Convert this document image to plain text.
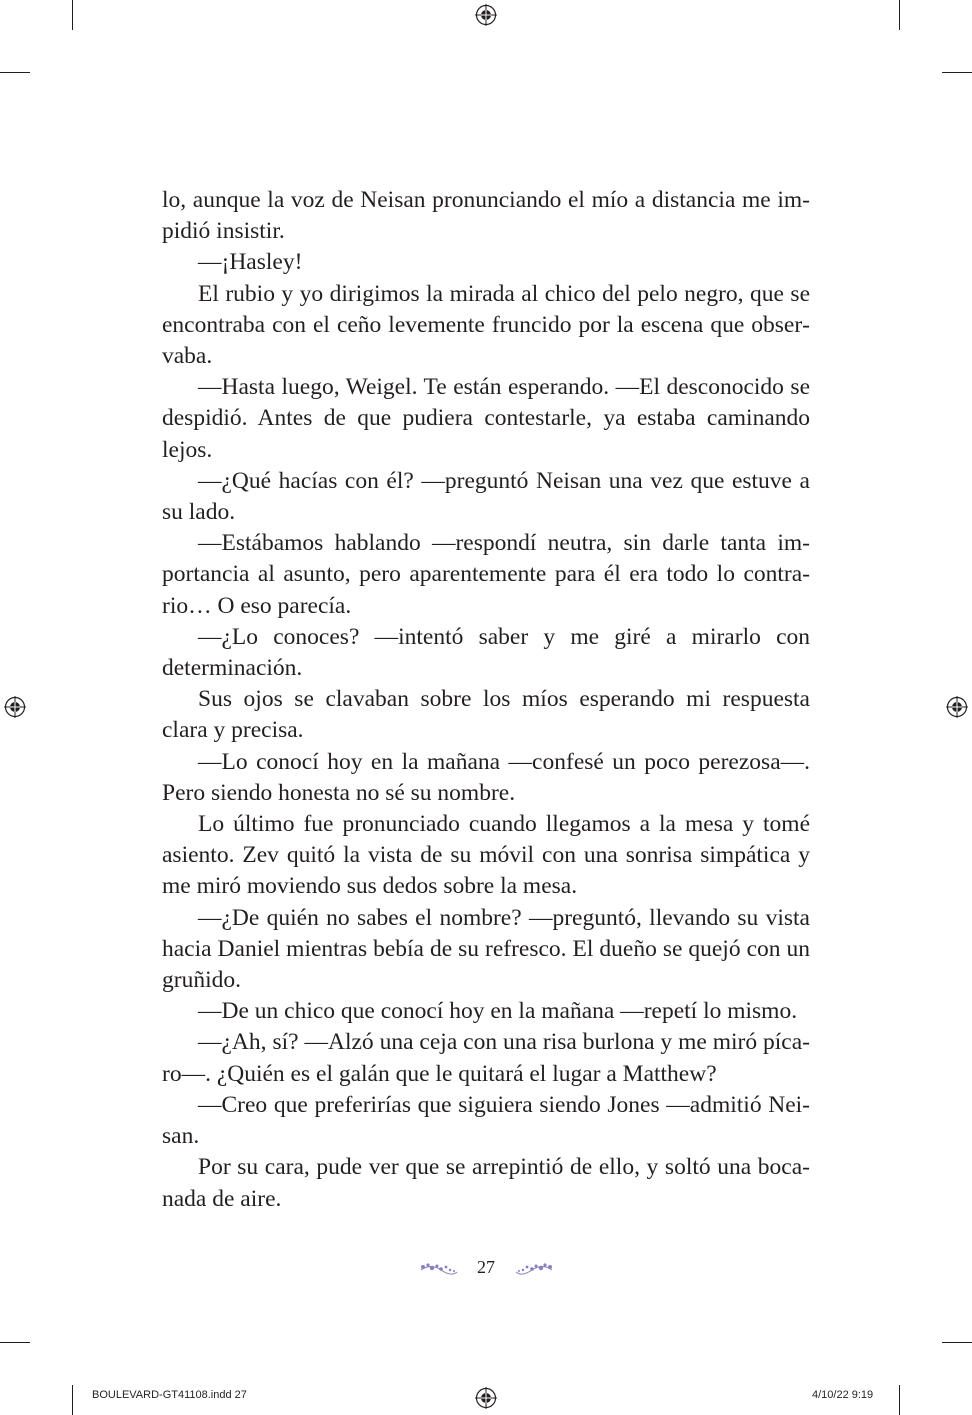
lo, aunque la voz de Neisan pronunciando el mío a distancia me impidió insistir.

—¡Hasley!

El rubio y yo dirigimos la mirada al chico del pelo negro, que se encontraba con el ceño levemente fruncido por la escena que observaba.

—Hasta luego, Weigel. Te están esperando. —El desconocido se despidió. Antes de que pudiera contestarle, ya estaba caminando lejos.

—¿Qué hacías con él? —preguntó Neisan una vez que estuve a su lado.

—Estábamos hablando —respondí neutra, sin darle tanta importancia al asunto, pero aparentemente para él era todo lo contrario… O eso parecía.

—¿Lo conoces? —intentó saber y me giré a mirarlo con determinación.

Sus ojos se clavaban sobre los míos esperando mi respuesta clara y precisa.

—Lo conocí hoy en la mañana —confesé un poco perezosa—. Pero siendo honesta no sé su nombre.

Lo último fue pronunciado cuando llegamos a la mesa y tomé asiento. Zev quitó la vista de su móvil con una sonrisa simpática y me miró moviendo sus dedos sobre la mesa.

—¿De quién no sabes el nombre? —preguntó, llevando su vista hacia Daniel mientras bebía de su refresco. El dueño se quejó con un gruñido.

—De un chico que conocí hoy en la mañana —repetí lo mismo.

—¿Ah, sí? —Alzó una ceja con una risa burlona y me miró pícaro—. ¿Quién es el galán que le quitará el lugar a Matthew?

—Creo que preferirías que siguiera siendo Jones —admitió Neisan.

Por su cara, pude ver que se arrepintió de ello, y soltó una bocanada de aire.

27
BOULEVARD-GT41108.indd 27	4/10/22 9:19
